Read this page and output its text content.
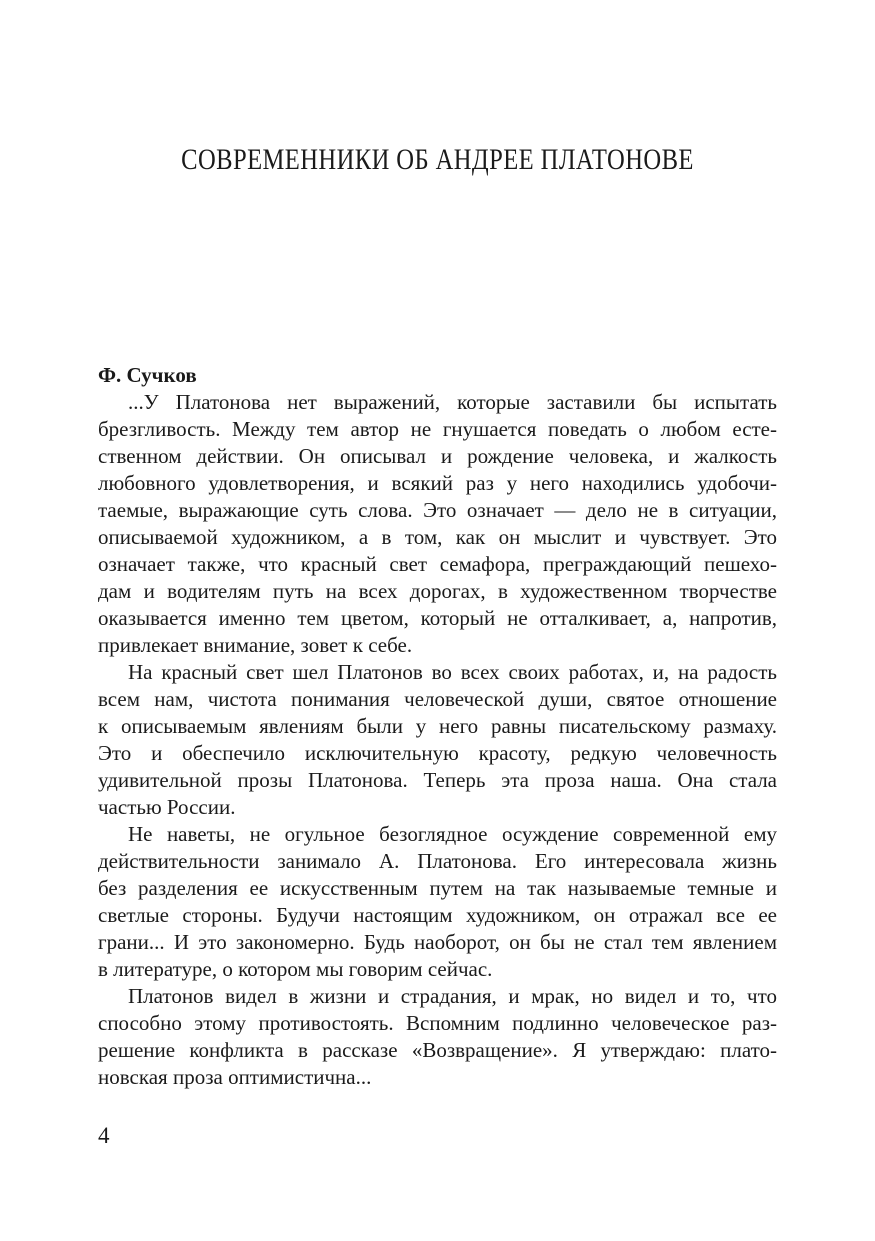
СОВРЕМЕННИКИ ОБ АНДРЕЕ ПЛАТОНОВЕ

Ф. Сучков

...У Платонова нет выражений, которые заставили бы испытать
брезгливость. Между тем автор не гнушается поведать о любом есте-
ственном действии. Он описывал и рождение человека, и жалкость
любовного удовлетворения, и всякий раз у него находились удобочи-
таемые, выражающие суть слова. Это означает — дело не в ситуации,
описываемой художником, а в том, как он мыслит и чувствует. Это
означает также, что красный свет семафора, преграждающий пешехо-
дам и водителям путь на всех дорогах, в художественном творчестве
оказывается именно тем цветом, который не отталкивает, а, напротив,
привлекает внимание, зовет к себе.

На красный свет шел Платонов во всех своих работах, и, на радость
всем нам, чистота понимания человеческой души, святое отношение
к описываемым явлениям были у него равны писательскому размаху.
Это и обеспечило исключительную красоту, редкую человечность
удивительной прозы Платонова. Теперь эта проза наша. Она стала
частью России.

Не наветы, не огульное безоглядное осуждение современной ему
действительности занимало А. Платонова. Его интересовала жизнь
без разделения ее искусственным путем на так называемые темные и
светлые стороны. Будучи настоящим художником, он отражал все ее
грани... И это закономерно. Будь наоборот, он бы не стал тем явлением
в литературе, о котором мы говорим сейчас.

Платонов видел в жизни и страдания, и мрак, но видел и то, что
способно этому противостоять. Вспомним подлинно человеческое раз-
решение конфликта в рассказе «Возвращение». Я утверждаю: плато-
новская проза оптимистична...

4
